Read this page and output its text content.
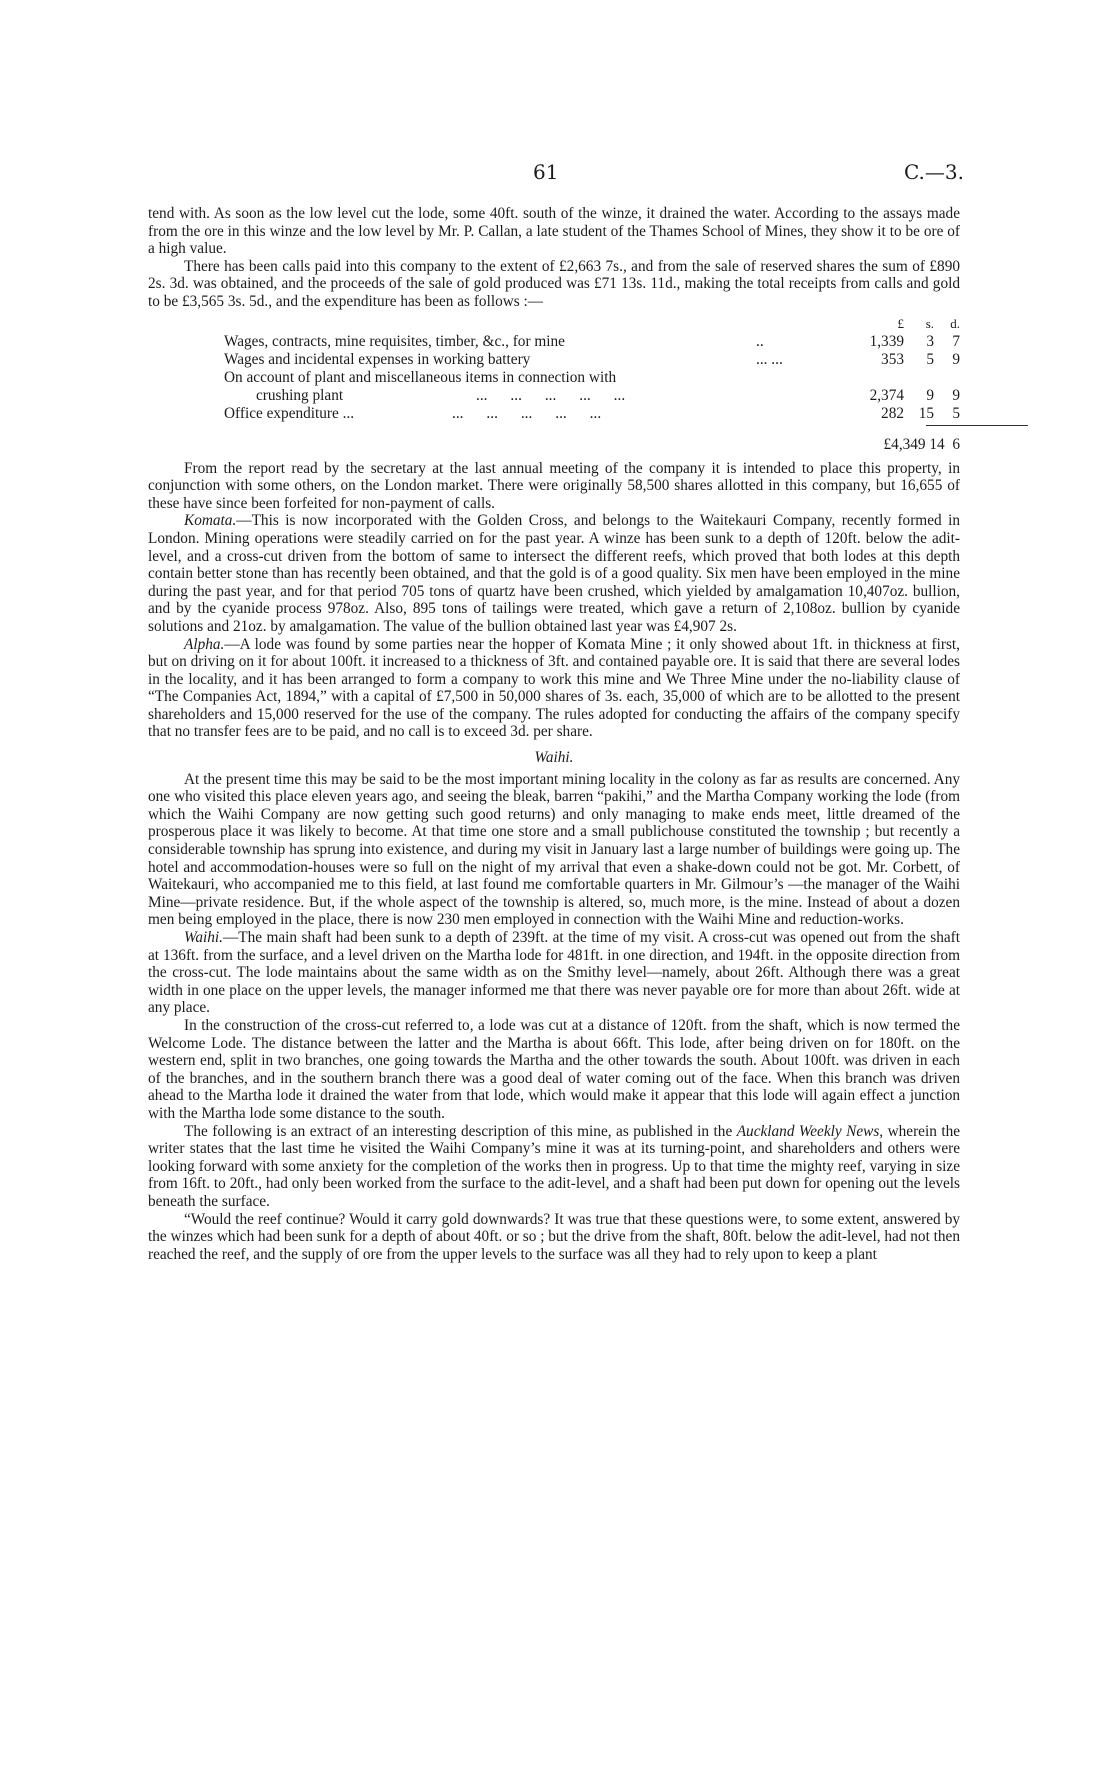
61	C.—3.

tend with. As soon as the low level cut the lode, some 40ft. south of the winze, it drained the water. According to the assays made from the ore in this winze and the low level by Mr. P. Callan, a late student of the Thames School of Mines, they show it to be ore of a high value.

There has been calls paid into this company to the extent of £2,663 7s., and from the sale of reserved shares the sum of £890 2s. 3d. was obtained, and the proceeds of the sale of gold produced was £71 13s. 11d., making the total receipts from calls and gold to be £3,565 3s. 5d., and the expenditure has been as follows :—

£	s.	d.
Wages, contracts, mine requisites, timber, &c., for mine	..	1,339	3	7
Wages and incidental expenses in working battery	... ...	353	5	9
On account of plant and miscellaneous items in connection with
crushing plant	...      ...      ...      ...      ...	2,374	9	9
Office expenditure ...	...      ...      ...      ...      ...	282 15	5
£4,349 14  6

From the report read by the secretary at the last annual meeting of the company it is intended to place this property, in conjunction with some others, on the London market. There were originally 58,500 shares allotted in this company, but 16,655 of these have since been forfeited for non-payment of calls.

Komata.—This is now incorporated with the Golden Cross, and belongs to the Waitekauri Company, recently formed in London. Mining operations were steadily carried on for the past year. A winze has been sunk to a depth of 120ft. below the adit-level, and a cross-cut driven from the bottom of same to intersect the different reefs, which proved that both lodes at this depth contain better stone than has recently been obtained, and that the gold is of a good quality. Six men have been employed in the mine during the past year, and for that period 705 tons of quartz have been crushed, which yielded by amalgamation 10,407oz. bullion, and by the cyanide process 978oz. Also, 895 tons of tailings were treated, which gave a return of 2,108oz. bullion by cyanide solutions and 21oz. by amalgamation. The value of the bullion obtained last year was £4,907 2s.

Alpha.—A lode was found by some parties near the hopper of Komata Mine ; it only showed about 1ft. in thickness at first, but on driving on it for about 100ft. it increased to a thickness of 3ft. and contained payable ore. It is said that there are several lodes in the locality, and it has been arranged to form a company to work this mine and We Three Mine under the no-liability clause of “The Companies Act, 1894,” with a capital of £7,500 in 50,000 shares of 3s. each, 35,000 of which are to be allotted to the present shareholders and 15,000 reserved for the use of the company. The rules adopted for conducting the affairs of the company specify that no transfer fees are to be paid, and no call is to exceed 3d. per share.

Waihi.

At the present time this may be said to be the most important mining locality in the colony as far as results are concerned. Any one who visited this place eleven years ago, and seeing the bleak, barren “pakihi,” and the Martha Company working the lode (from which the Waihi Company are now getting such good returns) and only managing to make ends meet, little dreamed of the prosperous place it was likely to become. At that time one store and a small publichouse constituted the township ; but recently a considerable township has sprung into existence, and during my visit in January last a large number of buildings were going up. The hotel and accommodation-houses were so full on the night of my arrival that even a shake-down could not be got. Mr. Corbett, of Waitekauri, who accompanied me to this field, at last found me comfortable quarters in Mr. Gilmour’s —the manager of the Waihi Mine—private residence. But, if the whole aspect of the township is altered, so, much more, is the mine. Instead of about a dozen men being employed in the place, there is now 230 men employed in connection with the Waihi Mine and reduction-works.

Waihi.—The main shaft had been sunk to a depth of 239ft. at the time of my visit. A cross-cut was opened out from the shaft at 136ft. from the surface, and a level driven on the Martha lode for 481ft. in one direction, and 194ft. in the opposite direction from the cross-cut. The lode maintains about the same width as on the Smithy level—namely, about 26ft. Although there was a great width in one place on the upper levels, the manager informed me that there was never payable ore for more than about 26ft. wide at any place.

In the construction of the cross-cut referred to, a lode was cut at a distance of 120ft. from the shaft, which is now termed the Welcome Lode. The distance between the latter and the Martha is about 66ft. This lode, after being driven on for 180ft. on the western end, split in two branches, one going towards the Martha and the other towards the south. About 100ft. was driven in each of the branches, and in the southern branch there was a good deal of water coming out of the face. When this branch was driven ahead to the Martha lode it drained the water from that lode, which would make it appear that this lode will again effect a junction with the Martha lode some distance to the south.

The following is an extract of an interesting description of this mine, as published in the Auckland Weekly News, wherein the writer states that the last time he visited the Waihi Company’s mine it was at its turning-point, and shareholders and others were looking forward with some anxiety for the completion of the works then in progress. Up to that time the mighty reef, varying in size from 16ft. to 20ft., had only been worked from the surface to the adit-level, and a shaft had been put down for opening out the levels beneath the surface.

“Would the reef continue? Would it carry gold downwards? It was true that these questions were, to some extent, answered by the winzes which had been sunk for a depth of about 40ft. or so ; but the drive from the shaft, 80ft. below the adit-level, had not then reached the reef, and the supply of ore from the upper levels to the surface was all they had to rely upon to keep a plant
